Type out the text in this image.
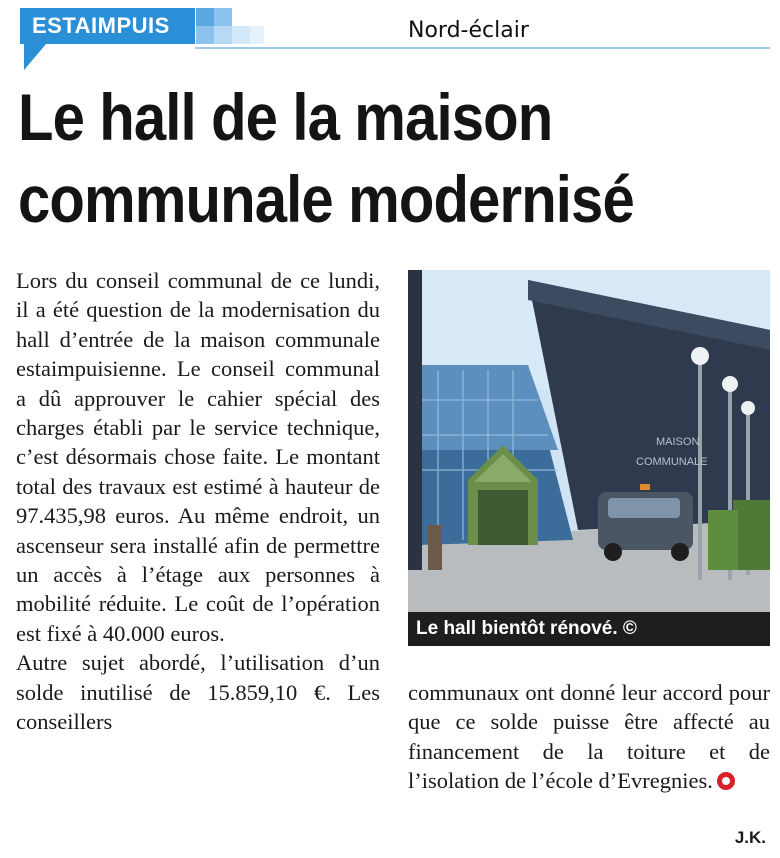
ESTAIMPUIS	Nord-éclair
Le hall de la maison
communale modernisé

Lors du conseil communal de ce lundi, il a été question de la modernisation du hall d’entrée de la maison communale estaimpuisienne. Le conseil communal a dû approuver le cahier spécial des charges établi par le service technique, c’est désormais chose faite. Le montant total des travaux est estimé à hauteur de 97.435,98 euros. Au même endroit, un ascenseur sera installé afin de permettre un accès à l’étage aux personnes à mobilité réduite. Le coût de l’opération est fixé à 40.000 euros.

Autre sujet abordé, l’utilisation d’un solde inutilisé de 15.859,10 €. Les conseillers

MAISON
COMMUNALE
Le hall bientôt rénové. ©

communaux ont donné leur accord pour que ce solde puisse être affecté au financement de la toiture et de l’isolation de l’école d’Evregnies.

J.K.
